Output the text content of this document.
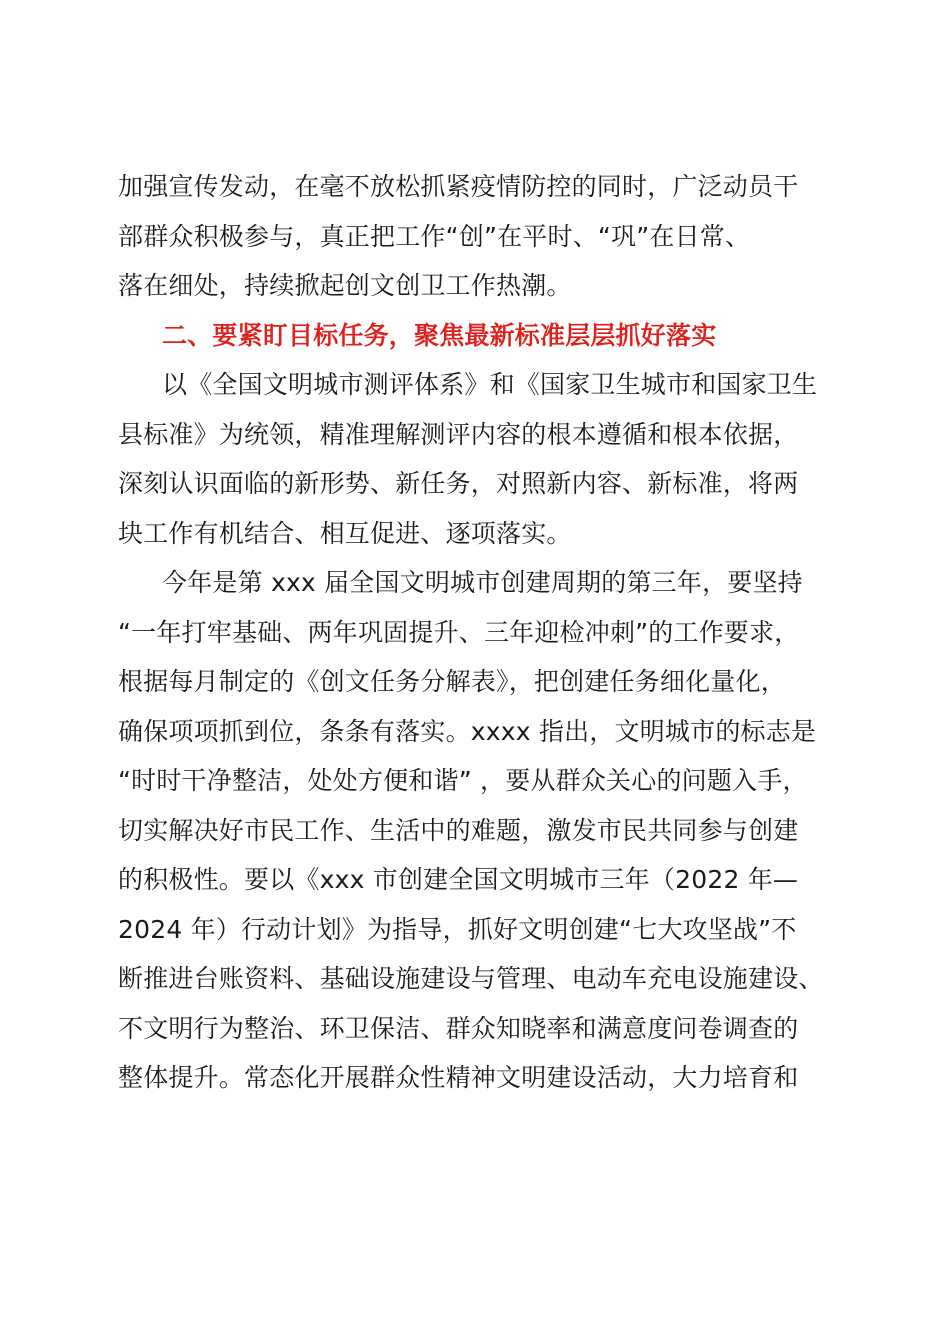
加强宣传发动，在毫不放松抓紧疫情防控的同时，广泛动员干
部群众积极参与，真正把工作“创”在平时、“巩”在日常、
落在细处，持续掀起创文创卫工作热潮。

二、要紧盯目标任务，聚焦最新标准层层抓好落实

以《全国文明城市测评体系》和《国家卫生城市和国家卫生
县标准》为统领，精准理解测评内容的根本遵循和根本依据，
深刻认识面临的新形势、新任务，对照新内容、新标准，将两
块工作有机结合、相互促进、逐项落实。

今年是第 xxx 届全国文明城市创建周期的第三年，要坚持
“一年打牢基础、两年巩固提升、三年迎检冲刺”的工作要求，
根据每月制定的《创文任务分解表》，把创建任务细化量化，
确保项项抓到位，条条有落实。xxxx 指出，文明城市的标志是
“时时干净整洁，处处方便和谐” ，要从群众关心的问题入手，
切实解决好市民工作、生活中的难题，激发市民共同参与创建
的积极性。要以《xxx 市创建全国文明城市三年（2022 年—
2024 年）行动计划》为指导，抓好文明创建“七大攻坚战”不
断推进台账资料、基础设施建设与管理、电动车充电设施建设、
不文明行为整治、环卫保洁、群众知晓率和满意度问卷调查的
整体提升。常态化开展群众性精神文明建设活动，大力培育和
